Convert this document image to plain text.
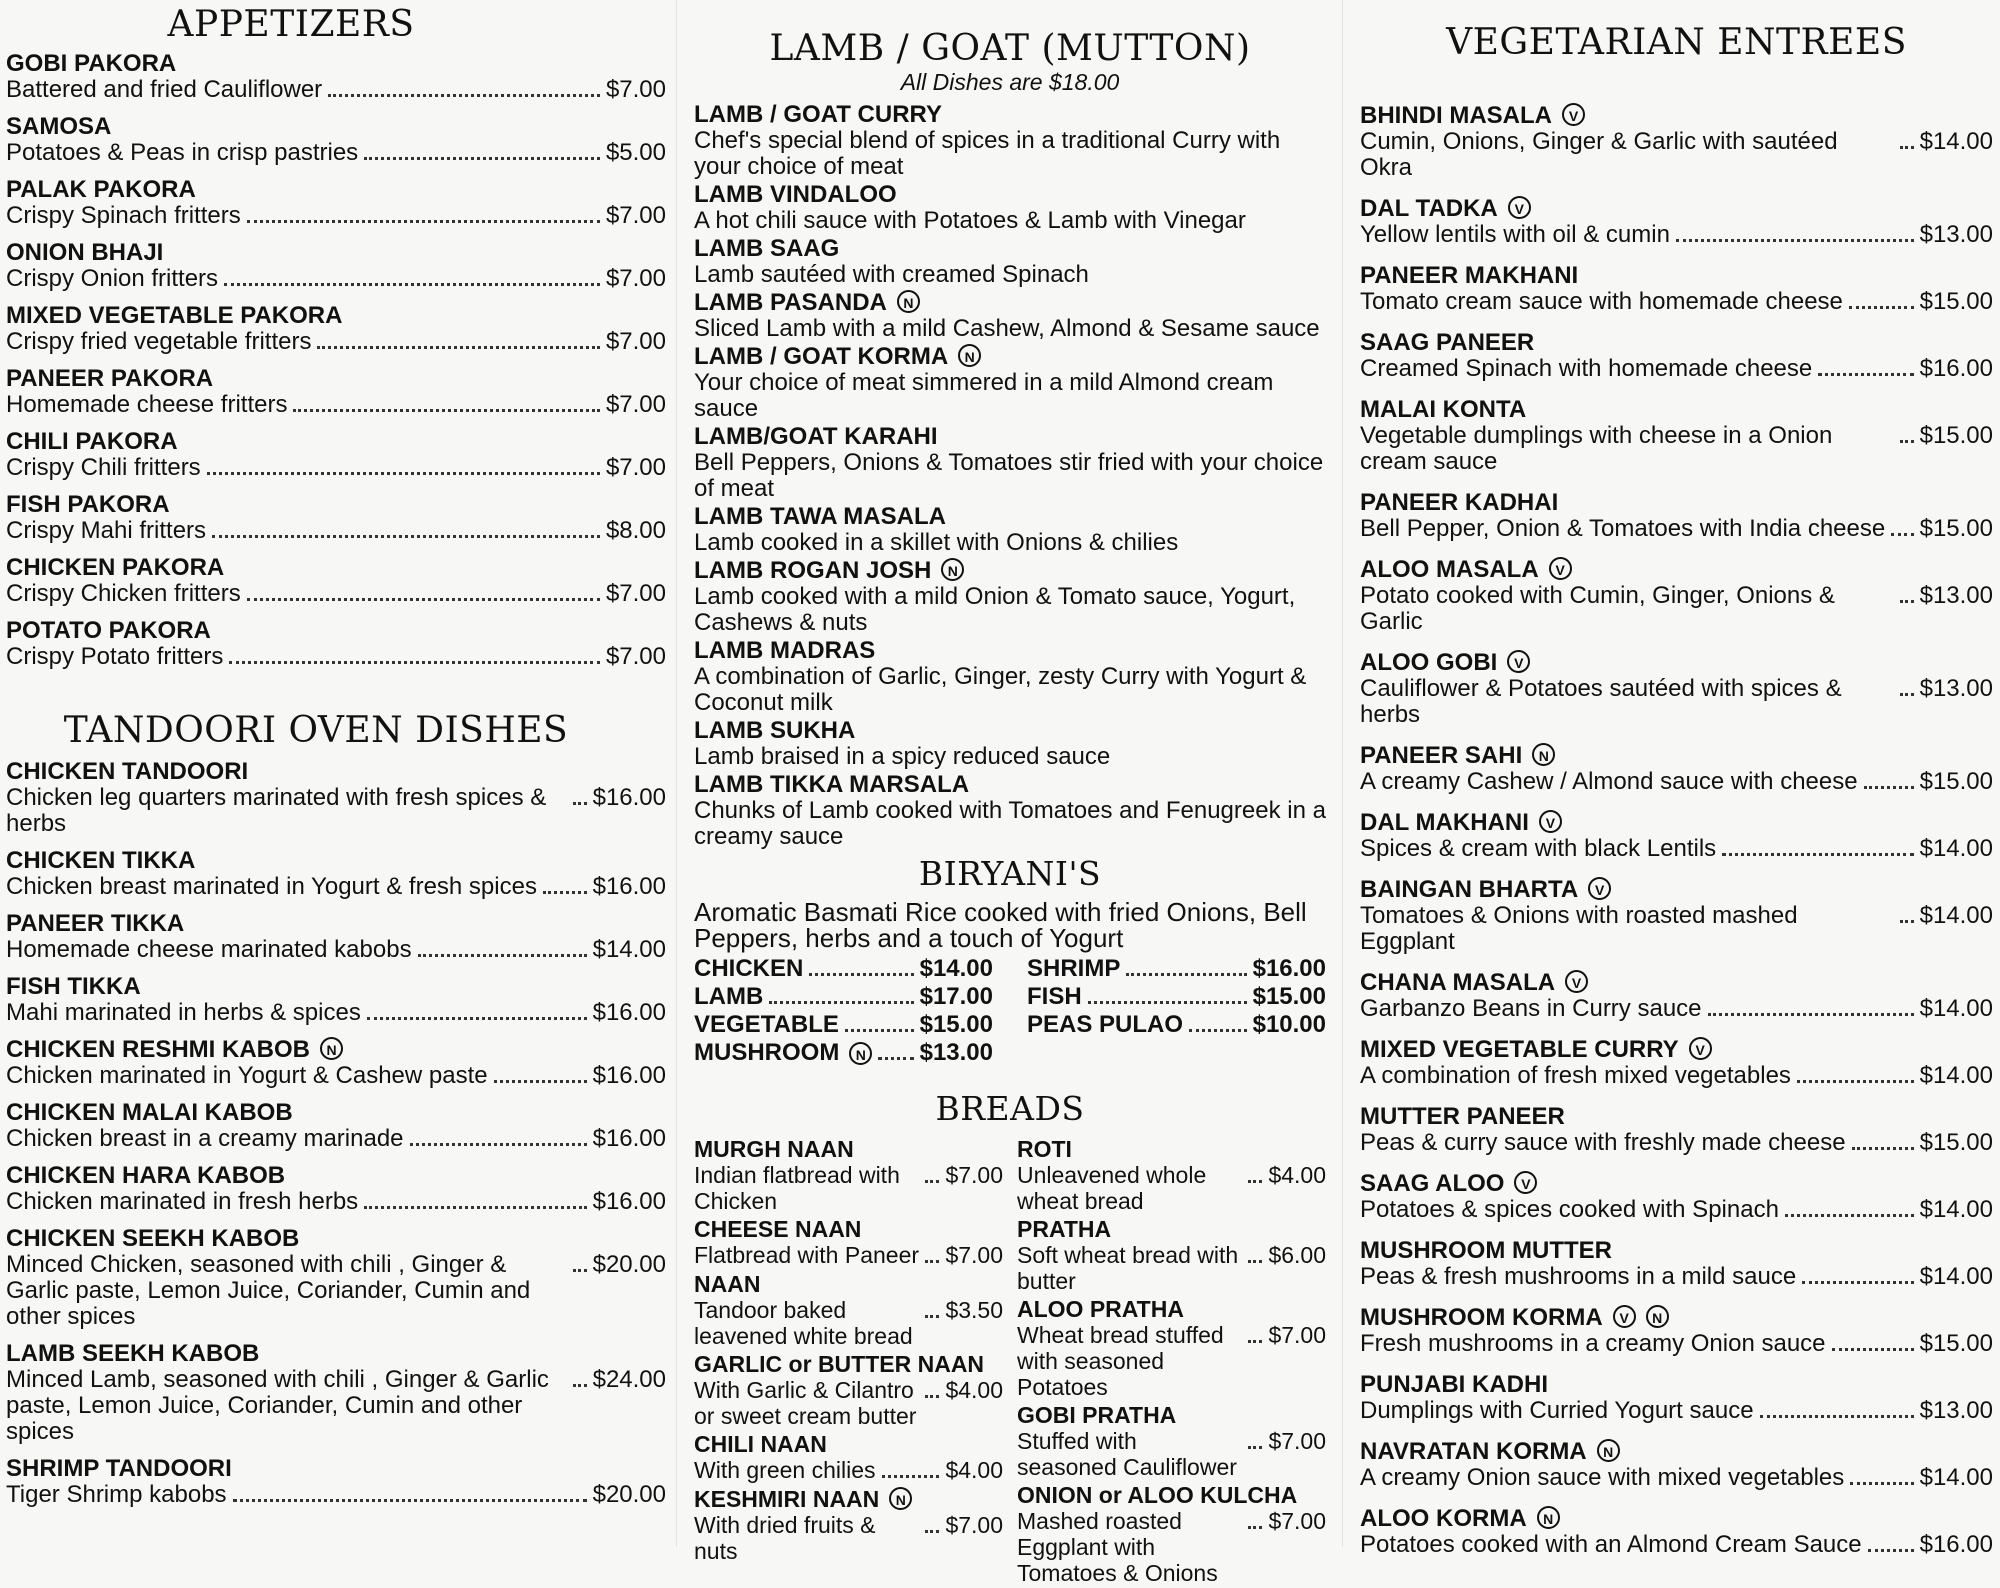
APPETIZERS
GOBI PAKORA
Battered and fried Cauliflower	$7.00
SAMOSA
Potatoes & Peas in crisp pastries	$5.00
PALAK PAKORA
Crispy Spinach fritters	$7.00
ONION BHAJI
Crispy Onion fritters	$7.00
MIXED VEGETABLE PAKORA
Crispy fried vegetable fritters	$7.00
PANEER PAKORA
Homemade cheese fritters	$7.00
CHILI PAKORA
Crispy Chili fritters	$7.00
FISH PAKORA
Crispy Mahi fritters	$8.00
CHICKEN PAKORA
Crispy Chicken fritters	$7.00
POTATO PAKORA
Crispy Potato fritters	$7.00
TANDOORI OVEN DISHES
CHICKEN TANDOORI
Chicken leg quarters marinated with fresh spices & herbs
$16.00
CHICKEN TIKKA
Chicken breast marinated in Yogurt & fresh spices $16.00
PANEER TIKKA
Homemade cheese marinated kabobs	$14.00
FISH TIKKA
Mahi marinated in herbs & spices	$16.00
CHICKEN RESHMI KABOB N
Chicken marinated in Yogurt & Cashew paste	$16.00
CHICKEN MALAI KABOB
Chicken breast in a creamy marinade	$16.00
CHICKEN HARA KABOB
Chicken marinated in fresh herbs	$16.00
CHICKEN SEEKH KABOB
Minced Chicken, seasoned with chili , Ginger & Garlic paste, Lemon Juice, Coriander, Cumin and other spices
$20.00
LAMB SEEKH KABOB
Minced Lamb, seasoned with chili , Ginger & Garlic paste, Lemon Juice, Coriander, Cumin and other spices
$24.00
SHRIMP TANDOORI
Tiger Shrimp kabobs	$20.00
LAMB / GOAT (MUTTON)

All Dishes are $18.00

LAMB / GOAT CURRY
Chef's special blend of spices in a traditional Curry with your choice of meat
LAMB VINDALOO
A hot chili sauce with Potatoes & Lamb with Vinegar
LAMB SAAG
Lamb sautéed with creamed Spinach
LAMB PASANDA N
Sliced Lamb with a mild Cashew, Almond & Sesame sauce
LAMB / GOAT KORMA N
Your choice of meat simmered in a mild Almond cream sauce
LAMB/GOAT KARAHI
Bell Peppers, Onions & Tomatoes stir fried with your choice of meat
LAMB TAWA MASALA
Lamb cooked in a skillet with Onions & chilies
LAMB ROGAN JOSH N
Lamb cooked with a mild Onion & Tomato sauce, Yogurt, Cashews & nuts
LAMB MADRAS
A combination of Garlic, Ginger, zesty Curry with Yogurt & Coconut milk
LAMB SUKHA
Lamb braised in a spicy reduced sauce
LAMB TIKKA MARSALA
Chunks of Lamb cooked with Tomatoes and Fenugreek in a creamy sauce
BIRYANI'S

Aromatic Basmati Rice cooked with fried Onions, Bell Peppers, herbs and a touch of Yogurt

CHICKEN	$14.00
LAMB	$17.00
VEGETABLE	$15.00
MUSHROOM	N $13.00
SHRIMP	$16.00
FISH	$15.00
PEAS PULAO	$10.00
BREADS
MURGH NAAN
Indian flatbread with Chicken
$7.00
CHEESE NAAN
Flatbread with Paneer $7.00
NAAN
Tandoor baked leavened white bread
$3.50
GARLIC or BUTTER NAAN
With Garlic & Cilantro or sweet cream butter
$4.00
CHILI NAAN
With green chilies	$4.00
KESHMIRI NAAN N
With dried fruits & nuts
$7.00
ROTI
Unleavened whole wheat bread
$4.00
PRATHA
Soft wheat bread with butter
$6.00
ALOO PRATHA
Wheat bread stuffed with seasoned Potatoes
$7.00
GOBI PRATHA
Stuffed with seasoned Cauliflower
$7.00
ONION or ALOO KULCHA
Mashed roasted Eggplant with Tomatoes & Onions
$7.00
VEGETARIAN ENTREES
BHINDI MASALA V
Cumin, Onions, Ginger & Garlic with sautéed Okra
$14.00
DAL TADKA V
Yellow lentils with oil & cumin	$13.00
PANEER MAKHANI
Tomato cream sauce with homemade cheese	$15.00
SAAG PANEER
Creamed Spinach with homemade cheese	$16.00
MALAI KONTA
Vegetable dumplings with cheese in a Onion cream sauce
$15.00
PANEER KADHAI
Bell Pepper, Onion & Tomatoes with India cheese $15.00
ALOO MASALA V
Potato cooked with Cumin, Ginger, Onions & Garlic
$13.00
ALOO GOBI V
Cauliflower & Potatoes sautéed with spices & herbs
$13.00
PANEER SAHI N
A creamy Cashew / Almond sauce with cheese	$15.00
DAL MAKHANI V
Spices & cream with black Lentils	$14.00
BAINGAN BHARTA V
Tomatoes & Onions with roasted mashed Eggplant
$14.00
CHANA MASALA V
Garbanzo Beans in Curry sauce	$14.00
MIXED VEGETABLE CURRY V
A combination of fresh mixed vegetables	$14.00
MUTTER PANEER
Peas & curry sauce with freshly made cheese	$15.00
SAAG ALOO V
Potatoes & spices cooked with Spinach	$14.00
MUSHROOM MUTTER
Peas & fresh mushrooms in a mild sauce	$14.00
MUSHROOM KORMA V N
Fresh mushrooms in a creamy Onion sauce	$15.00
PUNJABI KADHI
Dumplings with Curried Yogurt sauce	$13.00
NAVRATAN KORMA N
A creamy Onion sauce with mixed vegetables	$14.00
ALOO KORMA N
Potatoes cooked with an Almond Cream Sauce $16.00
